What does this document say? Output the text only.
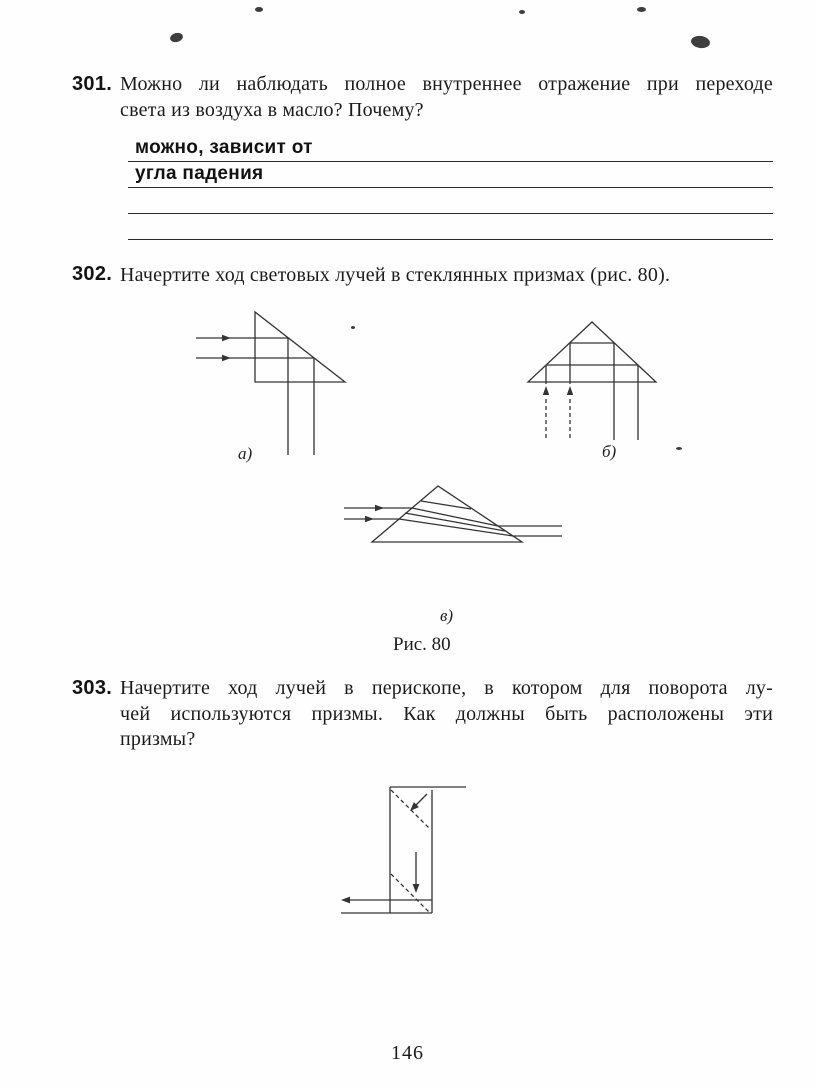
301. Можно ли наблюдать полное внутреннее отражение при переходе
света из воздуха в масло? Почему?
можно, зависит от
угла падения
302. Начертите ход световых лучей в стеклянных призмах (рис. 80).
а)	б)
в)
Рис. 80
303. Начертите ход лучей в перископе, в котором для поворота лу-
чей используются призмы. Как должны быть расположены эти
призмы?
146
